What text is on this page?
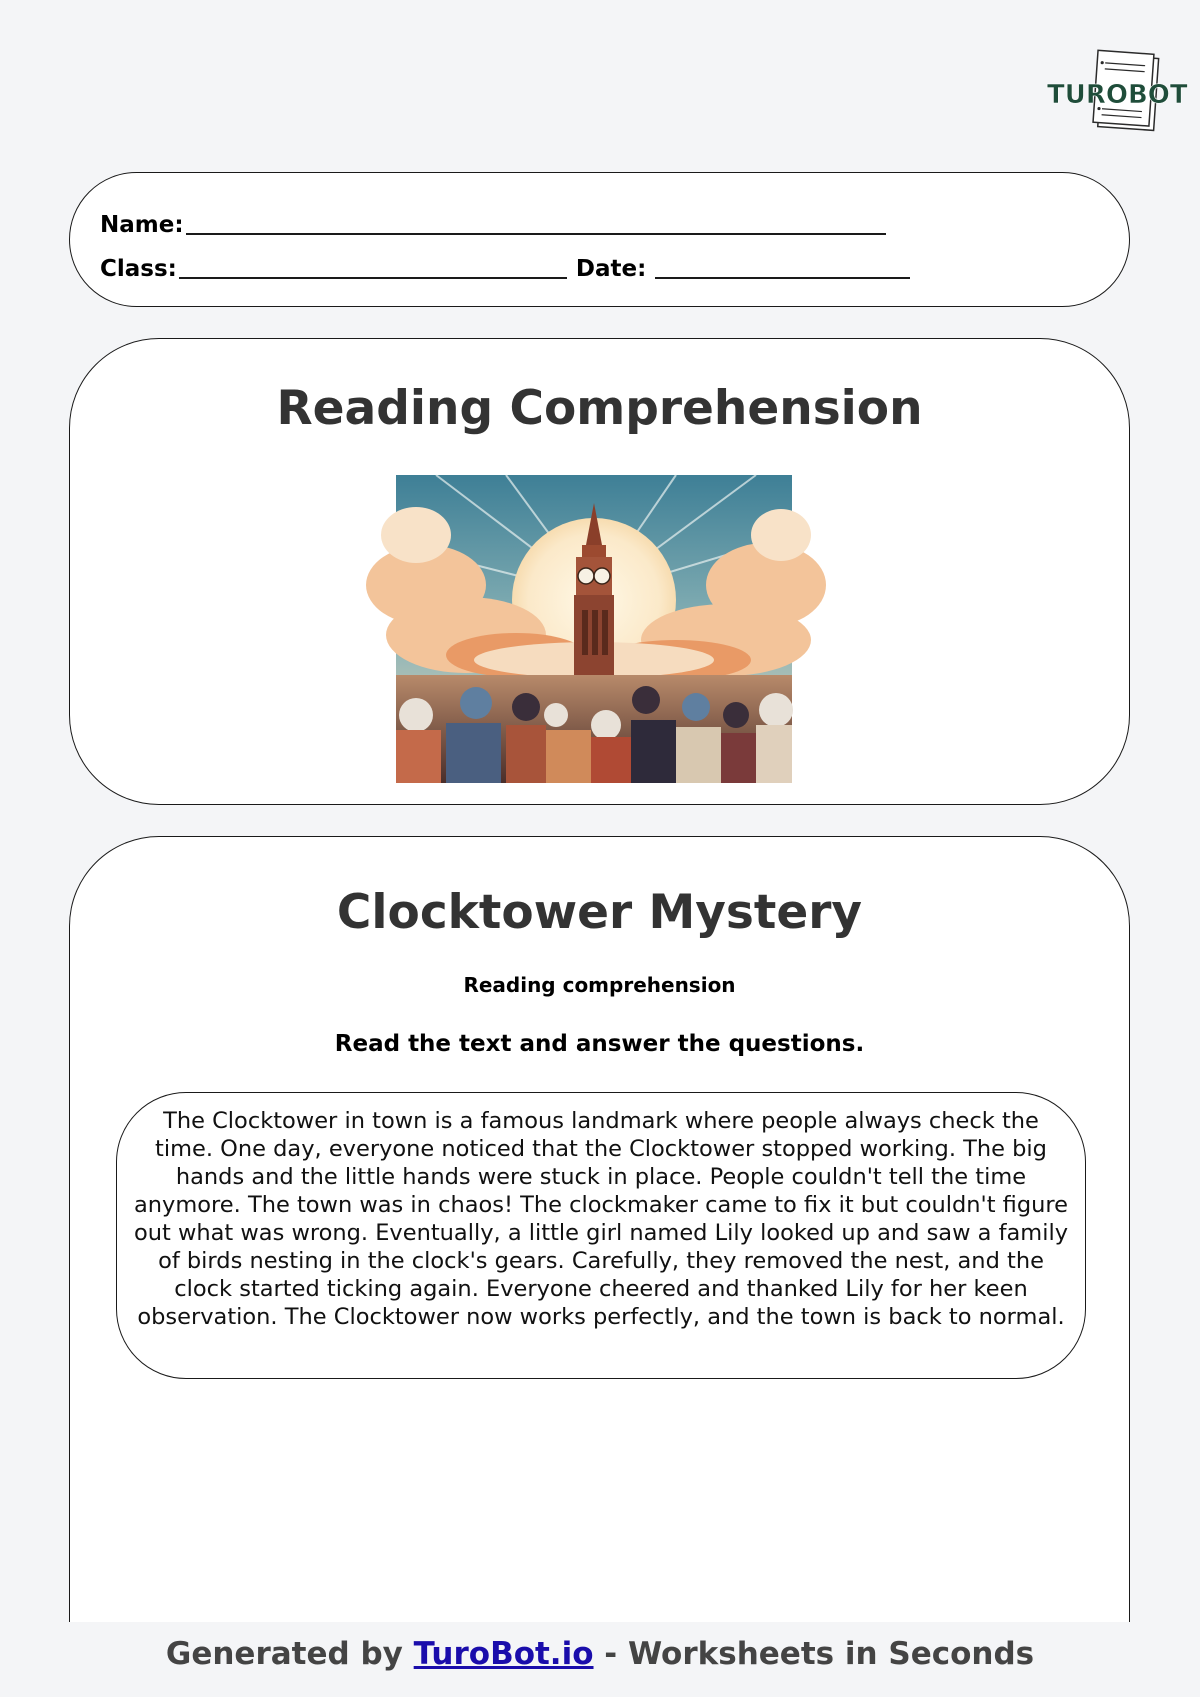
TUROBOT
Name:
Class:	Date:
Reading Comprehension
Clocktower Mystery
Reading comprehension
Read the text and answer the questions.
The Clocktower in town is a famous landmark where people always check the time. One day, everyone noticed that the Clocktower stopped working. The big hands and the little hands were stuck in place. People couldn't tell the time anymore. The town was in chaos! The clockmaker came to fix it but couldn't figure out what was wrong. Eventually, a little girl named Lily looked up and saw a family of birds nesting in the clock's gears. Carefully, they removed the nest, and the clock started ticking again. Everyone cheered and thanked Lily for her keen observation. The Clocktower now works perfectly, and the town is back to normal.
Generated by TuroBot.io - Worksheets in Seconds
